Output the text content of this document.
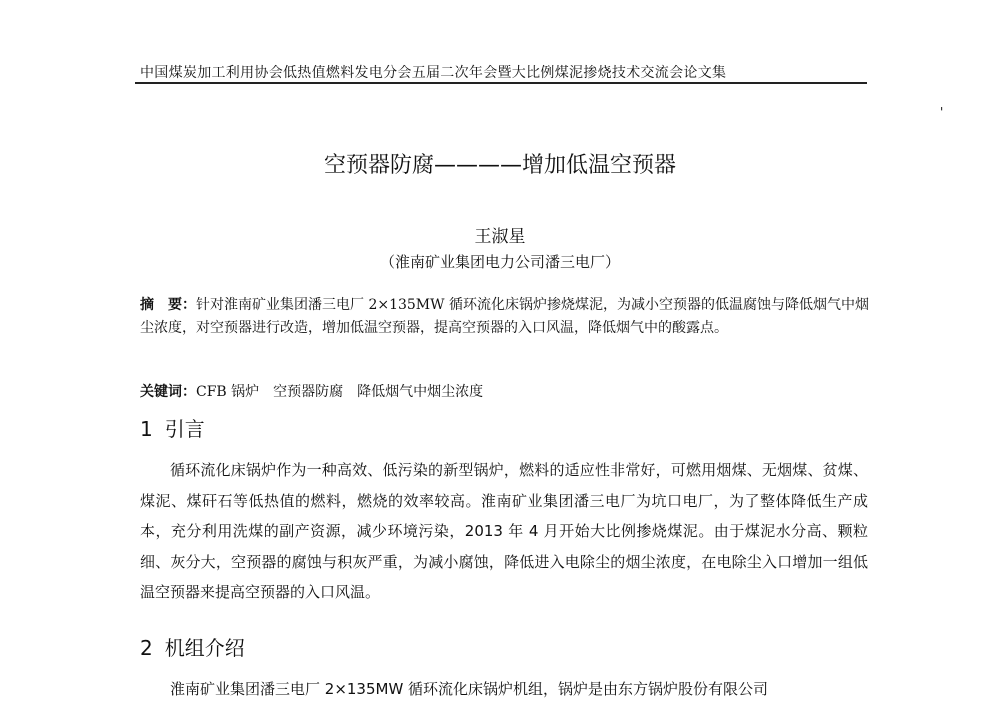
中国煤炭加工利用协会低热值燃料发电分会五届二次年会暨大比例煤泥掺烧技术交流会论文集
'
空预器防腐————增加低温空预器
王淑星
（淮南矿业集团电力公司潘三电厂）
摘　要：针对淮南矿业集团潘三电厂 2×135MW 循环流化床锅炉掺烧煤泥，为减小空预器的低温腐蚀与降低烟气中烟尘浓度，对空预器进行改造，增加低温空预器，提高空预器的入口风温，降低烟气中的酸露点。
关键词：CFB 锅炉 空预器防腐 降低烟气中烟尘浓度
1 引言
循环流化床锅炉作为一种高效、低污染的新型锅炉，燃料的适应性非常好，可燃用烟煤、无烟煤、贫煤、煤泥、煤矸石等低热值的燃料，燃烧的效率较高。淮南矿业集团潘三电厂为坑口电厂，为了整体降低生产成本，充分利用洗煤的副产资源，减少环境污染，2013 年 4 月开始大比例掺烧煤泥。由于煤泥水分高、颗粒细、灰分大，空预器的腐蚀与积灰严重，为减小腐蚀，降低进入电除尘的烟尘浓度，在电除尘入口增加一组低温空预器来提高空预器的入口风温。
2 机组介绍
淮南矿业集团潘三电厂 2×135MW 循环流化床锅炉机组，锅炉是由东方锅炉股份有限公司
